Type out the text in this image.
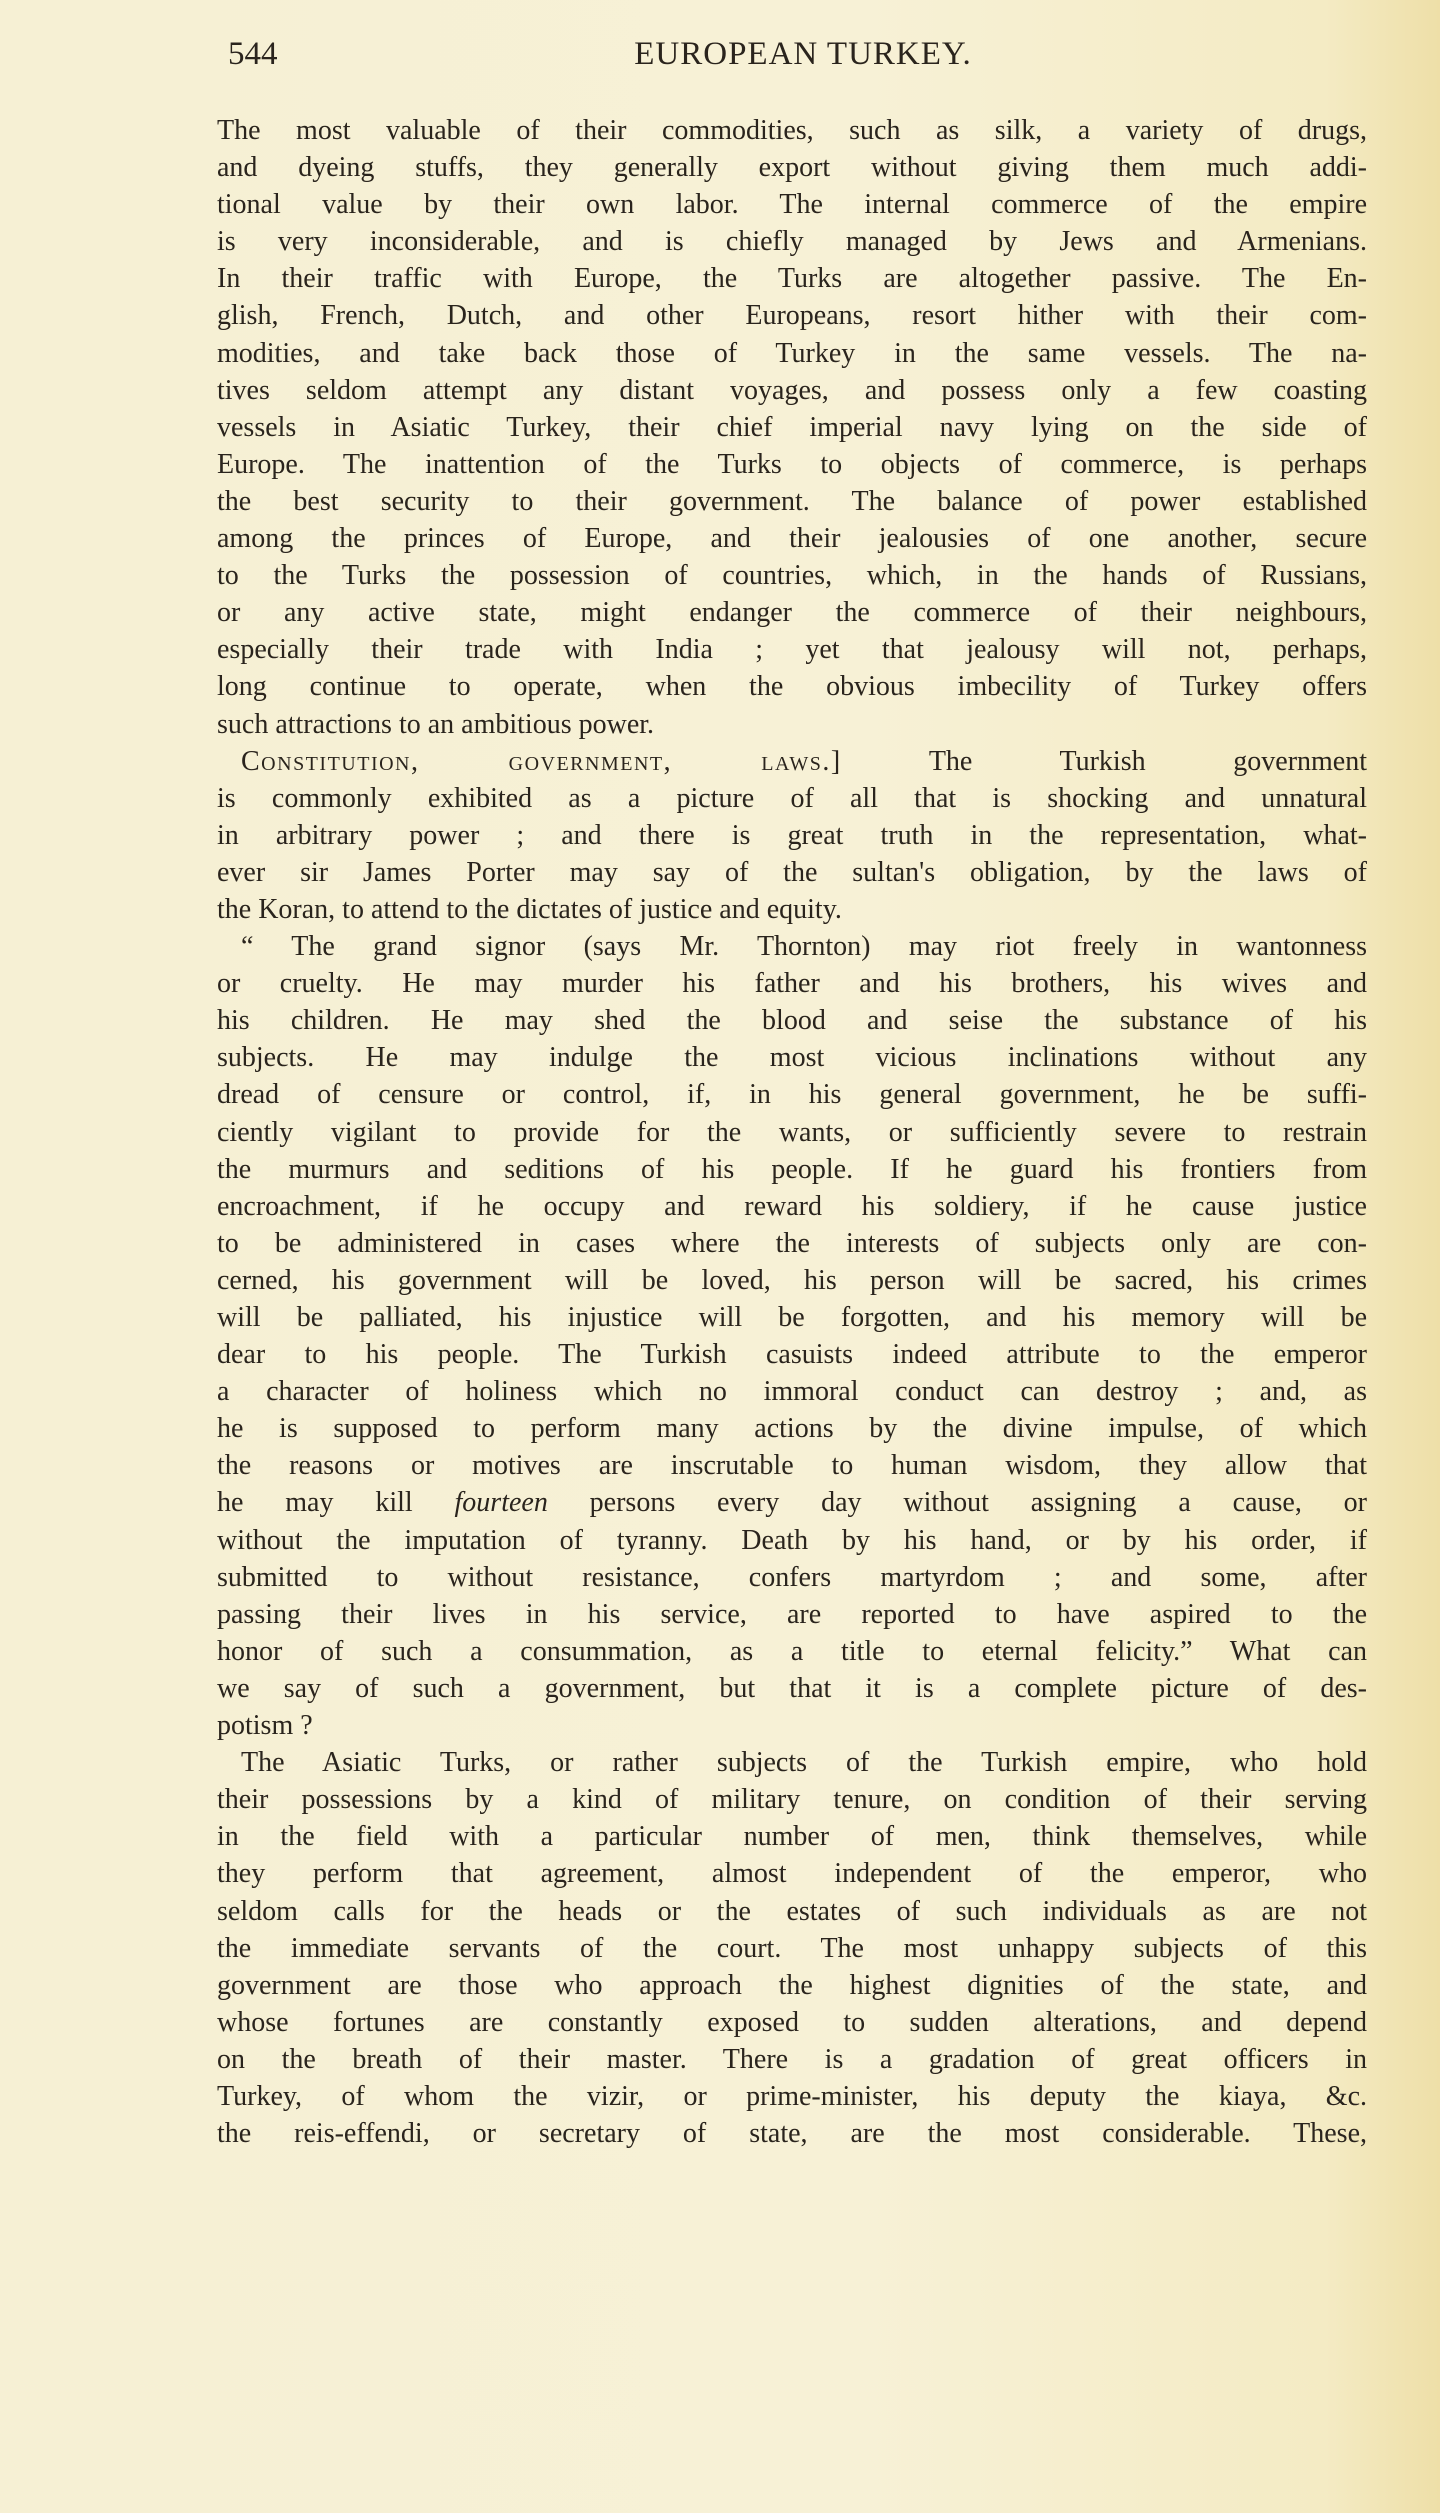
544	EUROPEAN TURKEY.
The most valuable of their commodities, such as silk, a variety of drugs,
and dyeing stuffs, they generally export without giving them much addi-
tional value by their own labor. The internal commerce of the empire
is very inconsiderable, and is chiefly managed by Jews and Armenians.
In their traffic with Europe, the Turks are altogether passive. The En-
glish, French, Dutch, and other Europeans, resort hither with their com-
modities, and take back those of Turkey in the same vessels. The na-
tives seldom attempt any distant voyages, and possess only a few coasting
vessels in Asiatic Turkey, their chief imperial navy lying on the side of
Europe. The inattention of the Turks to objects of commerce, is perhaps
the best security to their government. The balance of power established
among the princes of Europe, and their jealousies of one another, secure
to the Turks the possession of countries, which, in the hands of Russians,
or any active state, might endanger the commerce of their neighbours,
especially their trade with India ; yet that jealousy will not, perhaps,
long continue to operate, when the obvious imbecility of Turkey offers
such attractions to an ambitious power.
Constitution, government, laws.] The Turkish government
is commonly exhibited as a picture of all that is shocking and unnatural
in arbitrary power ; and there is great truth in the representation, what-
ever sir James Porter may say of the sultan's obligation, by the laws of
the Koran, to attend to the dictates of justice and equity.
“ The grand signor (says Mr. Thornton) may riot freely in wantonness
or cruelty. He may murder his father and his brothers, his wives and
his children. He may shed the blood and seise the substance of his
subjects. He may indulge the most vicious inclinations without any
dread of censure or control, if, in his general government, he be suffi-
ciently vigilant to provide for the wants, or sufficiently severe to restrain
the murmurs and seditions of his people. If he guard his frontiers from
encroachment, if he occupy and reward his soldiery, if he cause justice
to be administered in cases where the interests of subjects only are con-
cerned, his government will be loved, his person will be sacred, his crimes
will be palliated, his injustice will be forgotten, and his memory will be
dear to his people. The Turkish casuists indeed attribute to the emperor
a character of holiness which no immoral conduct can destroy ; and, as
he is supposed to perform many actions by the divine impulse, of which
the reasons or motives are inscrutable to human wisdom, they allow that
he may kill fourteen persons every day without assigning a cause, or
without the imputation of tyranny. Death by his hand, or by his order, if
submitted to without resistance, confers martyrdom ; and some, after
passing their lives in his service, are reported to have aspired to the
honor of such a consummation, as a title to eternal felicity.” What can
we say of such a government, but that it is a complete picture of des-
potism ?
The Asiatic Turks, or rather subjects of the Turkish empire, who hold
their possessions by a kind of military tenure, on condition of their serving
in the field with a particular number of men, think themselves, while
they perform that agreement, almost independent of the emperor, who
seldom calls for the heads or the estates of such individuals as are not
the immediate servants of the court. The most unhappy subjects of this
government are those who approach the highest dignities of the state, and
whose fortunes are constantly exposed to sudden alterations, and depend
on the breath of their master. There is a gradation of great officers in
Turkey, of whom the vizir, or prime-minister, his deputy the kiaya, &c.
the reis-effendi, or secretary of state, are the most considerable. These,
